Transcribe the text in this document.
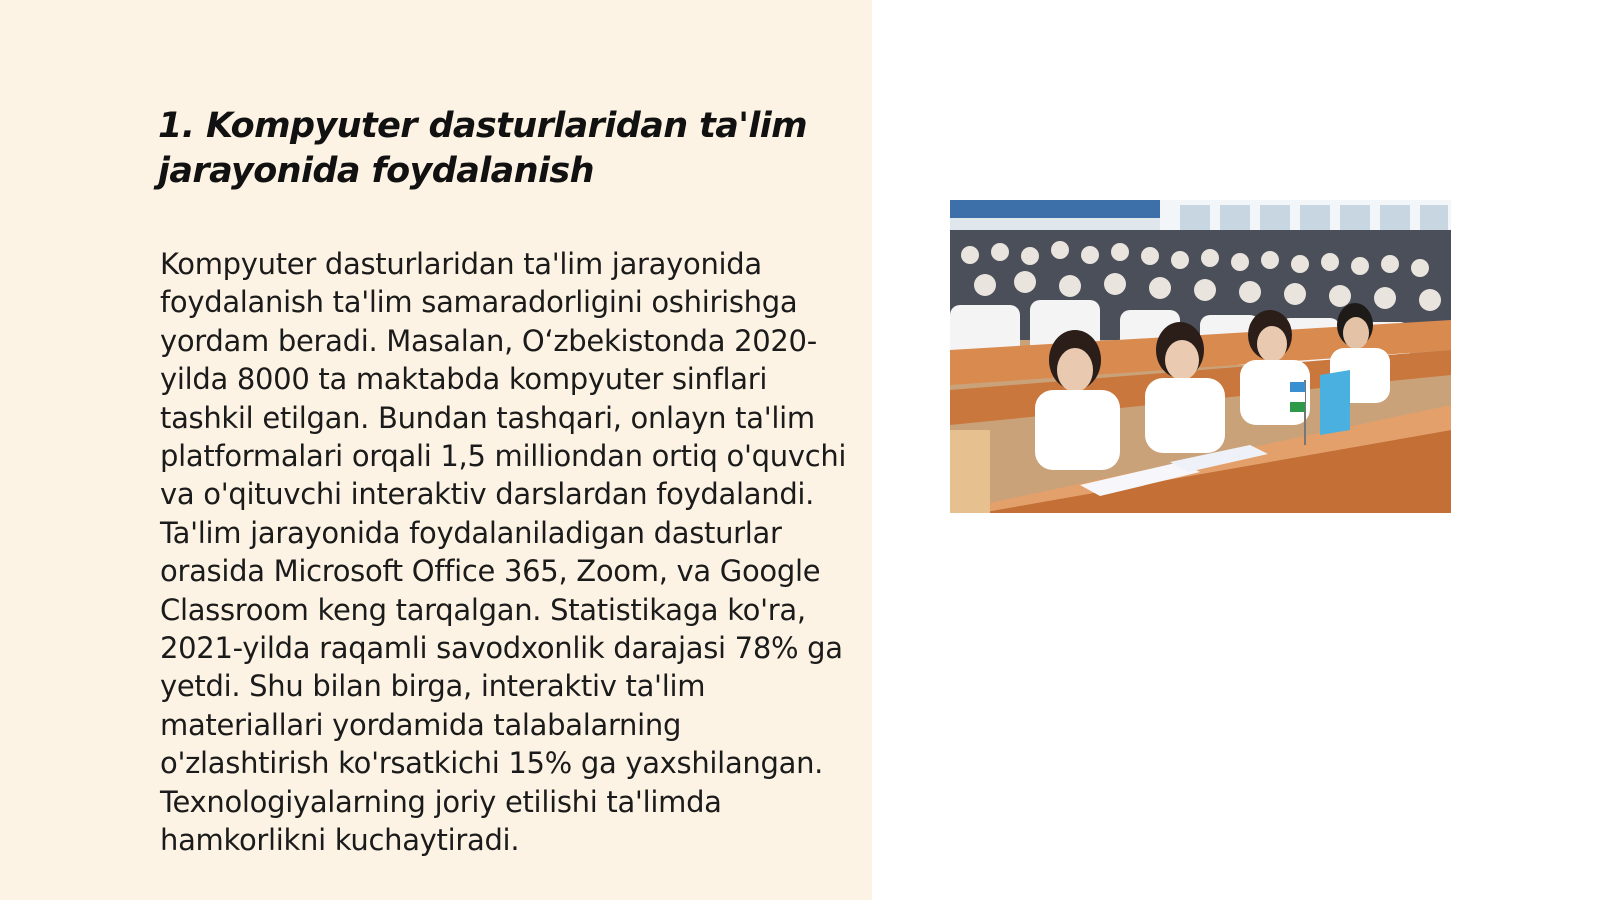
1. Kompyuter dasturlaridan ta'lim jarayonida foydalanish

Kompyuter dasturlaridan ta'lim jarayonida foydalanish ta'lim samaradorligini oshirishga yordam beradi. Masalan, O‘zbekistonda 2020-yilda 8000 ta maktabda kompyuter sinflari tashkil etilgan. Bundan tashqari, onlayn ta'lim platformalari orqali 1,5 milliondan ortiq o'quvchi va o'qituvchi interaktiv darslardan foydalandi. Ta'lim jarayonida foydalaniladigan dasturlar orasida Microsoft Office 365, Zoom, va Google Classroom keng tarqalgan. Statistikaga ko'ra, 2021-yilda raqamli savodxonlik darajasi 78% ga yetdi. Shu bilan birga, interaktiv ta'lim materiallari yordamida talabalarning o'zlashtirish ko'rsatkichi 15% ga yaxshilangan. Texnologiyalarning joriy etilishi ta'limda hamkorlikni kuchaytiradi.
